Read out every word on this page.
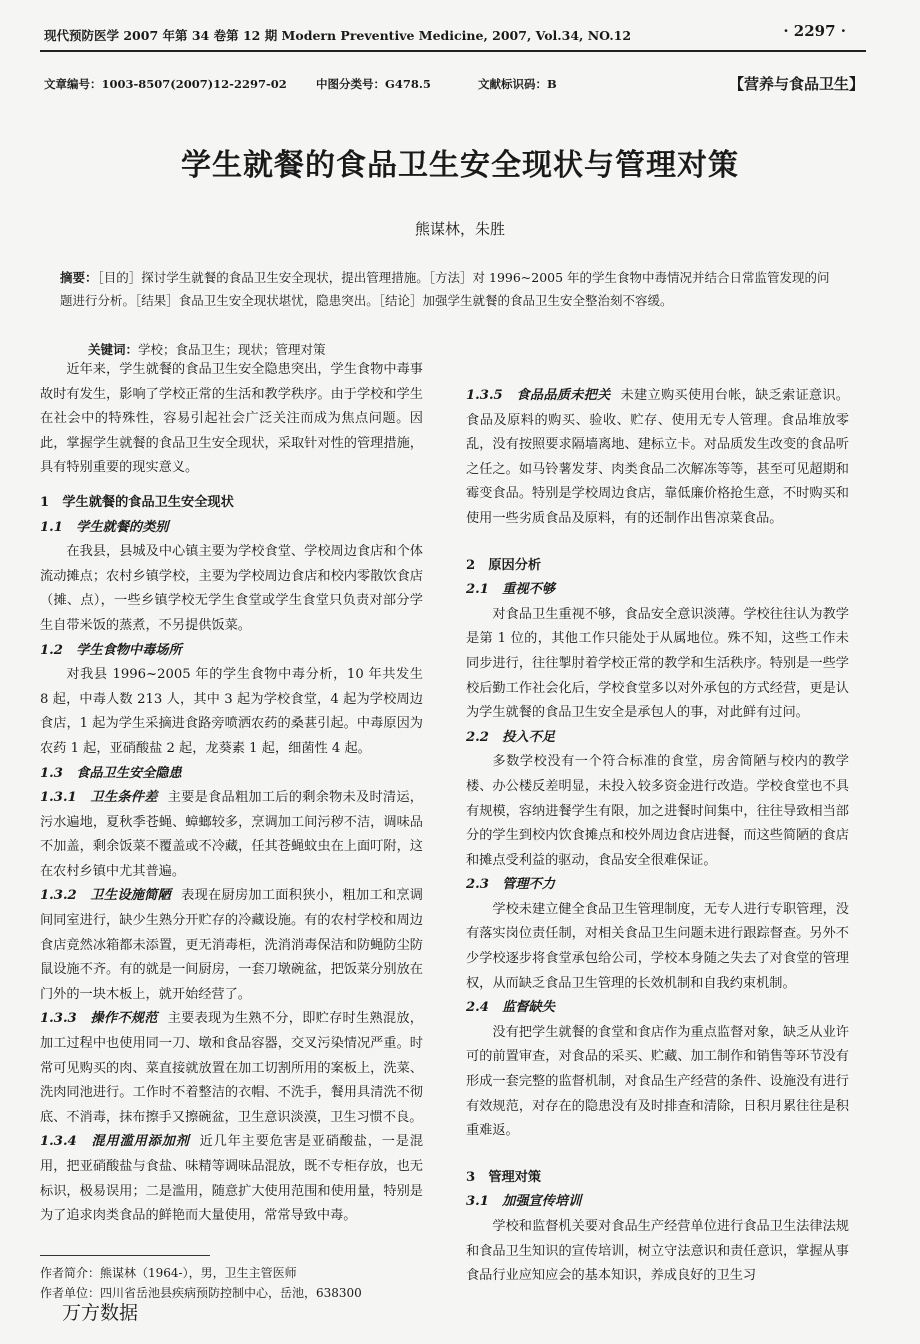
现代预防医学 2007 年第 34 卷第 12 期 Modern Preventive Medicine, 2007, Vol.34, NO.12	· 2297 ·
文章编号：1003-8507(2007)12-2297-02	中图分类号：G478.5	文献标识码：B	【营养与食品卫生】
学生就餐的食品卫生安全现状与管理对策
熊谋林，朱胜
摘要：［目的］探讨学生就餐的食品卫生安全现状，提出管理措施。［方法］对 1996~2005 年的学生食物中毒情况并结合日常监管发现的问题进行分析。［结果］食品卫生安全现状堪忧，隐患突出。［结论］加强学生就餐的食品卫生安全整治刻不容缓。
关键词：学校；食品卫生；现状；管理对策

近年来，学生就餐的食品卫生安全隐患突出，学生食物中毒事故时有发生，影响了学校正常的生活和教学秩序。由于学校和学生在社会中的特殊性，容易引起社会广泛关注而成为焦点问题。因此，掌握学生就餐的食品卫生安全现状，采取针对性的管理措施，具有特别重要的现实意义。

1　学生就餐的食品卫生安全现状

1.1　学生就餐的类别

在我县，县城及中心镇主要为学校食堂、学校周边食店和个体流动摊点；农村乡镇学校，主要为学校周边食店和校内零散饮食店（摊、点），一些乡镇学校无学生食堂或学生食堂只负责对部分学生自带米饭的蒸煮，不另提供饭菜。

1.2　学生食物中毒场所

对我县 1996~2005 年的学生食物中毒分析，10 年共发生 8 起，中毒人数 213 人，其中 3 起为学校食堂，4 起为学校周边食店，1 起为学生采摘进食路旁喷洒农药的桑葚引起。中毒原因为农药 1 起，亚硝酸盐 2 起，龙葵素 1 起，细菌性 4 起。

1.3　食品卫生安全隐患

1.3.1　卫生条件差 主要是食品粗加工后的剩余物未及时清运，污水遍地，夏秋季苍蝇、蟑螂较多，烹调加工间污秽不洁，调味品不加盖，剩余饭菜不覆盖或不冷藏，任其苍蝇蚊虫在上面叮附，这在农村乡镇中尤其普遍。

1.3.2　卫生设施简陋 表现在厨房加工面积狭小，粗加工和烹调间同室进行，缺少生熟分开贮存的冷藏设施。有的农村学校和周边食店竟然冰箱都未添置，更无消毒柜，洗消消毒保洁和防蝇防尘防鼠设施不齐。有的就是一间厨房，一套刀墩碗盆，把饭菜分别放在门外的一块木板上，就开始经营了。

1.3.3　操作不规范 主要表现为生熟不分，即贮存时生熟混放，加工过程中也使用同一刀、墩和食品容器，交叉污染情况严重。时常可见购买的肉、菜直接就放置在加工切割所用的案板上，洗菜、洗肉同池进行。工作时不着整洁的衣帽、不洗手，餐用具清洗不彻底、不消毒，抹布擦手又擦碗盆，卫生意识淡漠，卫生习惯不良。

1.3.4　混用滥用添加剂 近几年主要危害是亚硝酸盐，一是混用，把亚硝酸盐与食盐、味精等调味品混放，既不专柜存放，也无标识，极易误用；二是滥用，随意扩大使用范围和使用量，特别是为了追求肉类食品的鲜艳而大量使用，常常导致中毒。

1.3.5　食品品质未把关 未建立购买使用台帐，缺乏索证意识。食品及原料的购买、验收、贮存、使用无专人管理。食品堆放零乱，没有按照要求隔墙离地、建标立卡。对品质发生改变的食品听之任之。如马铃薯发芽、肉类食品二次解冻等等，甚至可见超期和霉变食品。特别是学校周边食店，靠低廉价格抢生意，不时购买和使用一些劣质食品及原料，有的还制作出售凉菜食品。

2　原因分析

2.1　重视不够

对食品卫生重视不够，食品安全意识淡薄。学校往往认为教学是第 1 位的，其他工作只能处于从属地位。殊不知，这些工作未同步进行，往往掣肘着学校正常的教学和生活秩序。特别是一些学校后勤工作社会化后，学校食堂多以对外承包的方式经营，更是认为学生就餐的食品卫生安全是承包人的事，对此鲜有过问。

2.2　投入不足

多数学校没有一个符合标准的食堂，房舍简陋与校内的教学楼、办公楼反差明显，未投入较多资金进行改造。学校食堂也不具有规模，容纳进餐学生有限，加之进餐时间集中，往往导致相当部分的学生到校内饮食摊点和校外周边食店进餐，而这些简陋的食店和摊点受利益的驱动，食品安全很难保证。

2.3　管理不力

学校未建立健全食品卫生管理制度，无专人进行专职管理，没有落实岗位责任制，对相关食品卫生问题未进行跟踪督查。另外不少学校逐步将食堂承包给公司，学校本身随之失去了对食堂的管理权，从而缺乏食品卫生管理的长效机制和自我约束机制。

2.4　监督缺失

没有把学生就餐的食堂和食店作为重点监督对象，缺乏从业许可的前置审查，对食品的采买、贮藏、加工制作和销售等环节没有形成一套完整的监督机制，对食品生产经营的条件、设施没有进行有效规范，对存在的隐患没有及时排查和清除，日积月累往往是积重难返。

3　管理对策

3.1　加强宣传培训

学校和监督机关要对食品生产经营单位进行食品卫生法律法规和食品卫生知识的宣传培训，树立守法意识和责任意识，掌握从事食品行业应知应会的基本知识，养成良好的卫生习

作者简介：熊谋林（1964-），男，卫生主管医师
作者单位：四川省岳池县疾病预防控制中心，岳池，638300
万方数据
